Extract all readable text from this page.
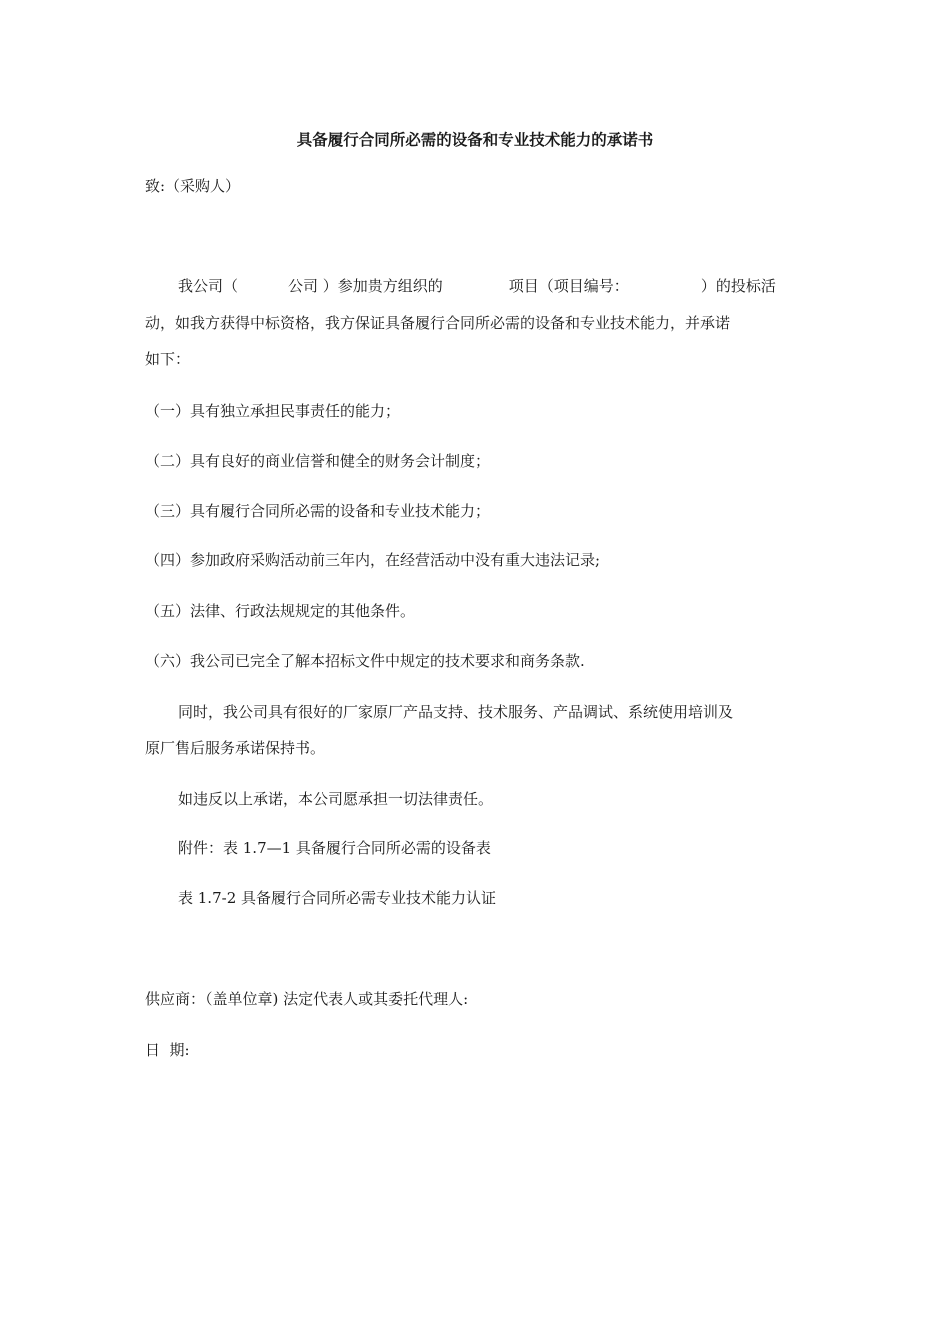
具备履行合同所必需的设备和专业技术能力的承诺书

致:（采购人）

我公司（	公司 ）参加贵方组织的	项目（项目编号：	）的投标活

动，如我方获得中标资格，我方保证具备履行合同所必需的设备和专业技术能力，并承诺

如下：

（一）具有独立承担民事责任的能力；

（二）具有良好的商业信誉和健全的财务会计制度；

（三）具有履行合同所必需的设备和专业技术能力；

（四）参加政府采购活动前三年内，在经营活动中没有重大违法记录;

（五）法律、行政法规规定的其他条件。

（六）我公司已完全了解本招标文件中规定的技术要求和商务条款.

同时，我公司具有很好的厂家原厂产品支持、技术服务、产品调试、系统使用培训及

原厂售后服务承诺保持书。

如违反以上承诺，本公司愿承担一切法律责任。

附件：表 1.7—1 具备履行合同所必需的设备表

表 1.7-2 具备履行合同所必需专业技术能力认证

供应商：（盖单位章) 法定代表人或其委托代理人:

日  期:
